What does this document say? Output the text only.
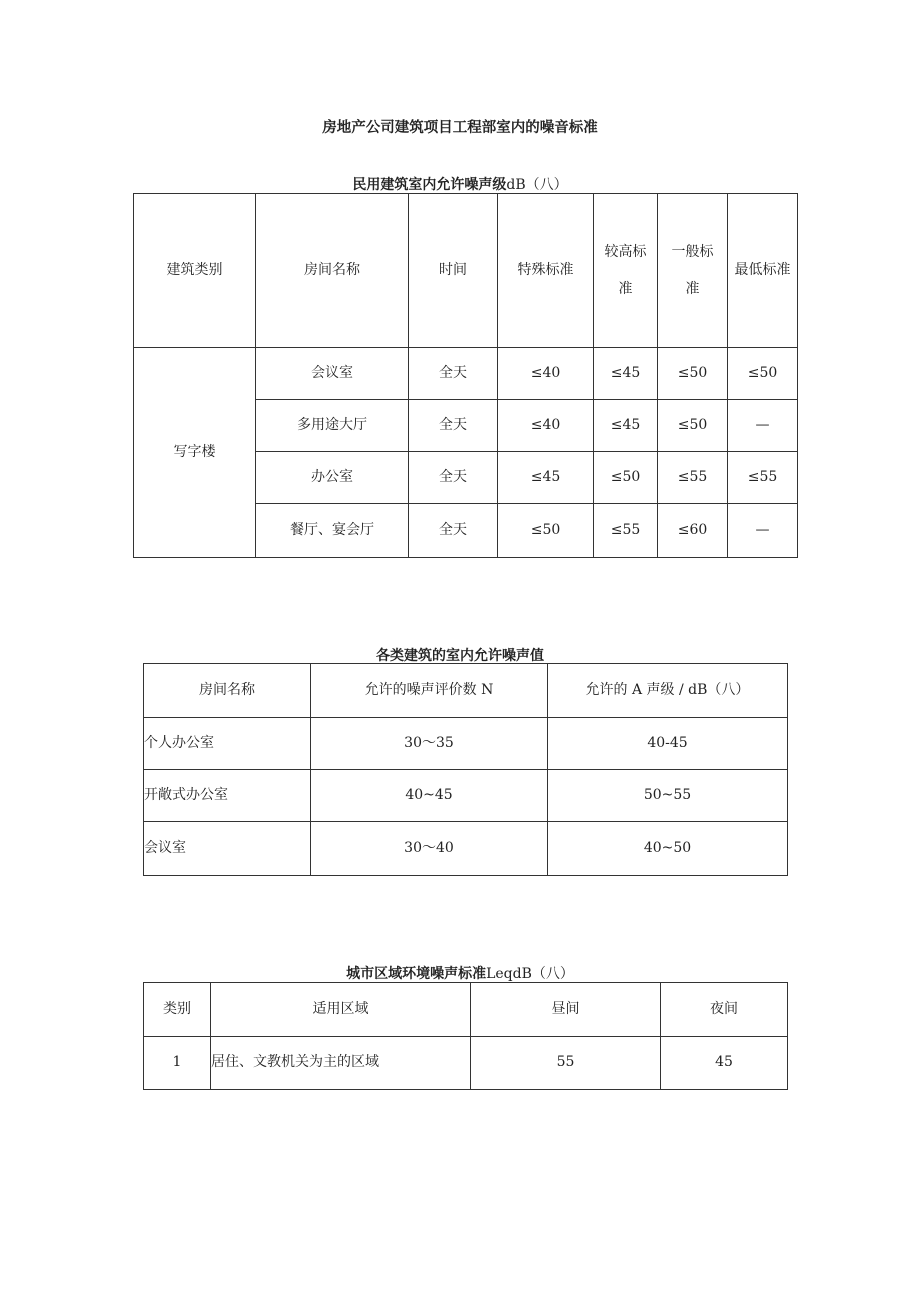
房地产公司建筑项目工程部室内的噪音标准
民用建筑室内允许噪声级dB（八）
建筑类别	房间名称	时间	特殊标准	较高标
准	一般标
准	最低标准
写字楼	会议室	全天	≤40	≤45	≤50	≤50
	多用途大厅	全天	≤40	≤45	≤50	—
	办公室	全天	≤45	≤50	≤55	≤55
	餐厅、宴会厅	全天	≤50	≤55	≤60	—
各类建筑的室内允许噪声值
房间名称	允许的噪声评价数 N	允许的 A 声级 / dB（八）
个人办公室	30～35	40-45
开敞式办公室	40~45	50~55
会议室	30～40	40~50
城市区域环境噪声标准LeqdB（八）
类别	适用区域	昼间	夜间
1	居住、文教机关为主的区域	55	45
